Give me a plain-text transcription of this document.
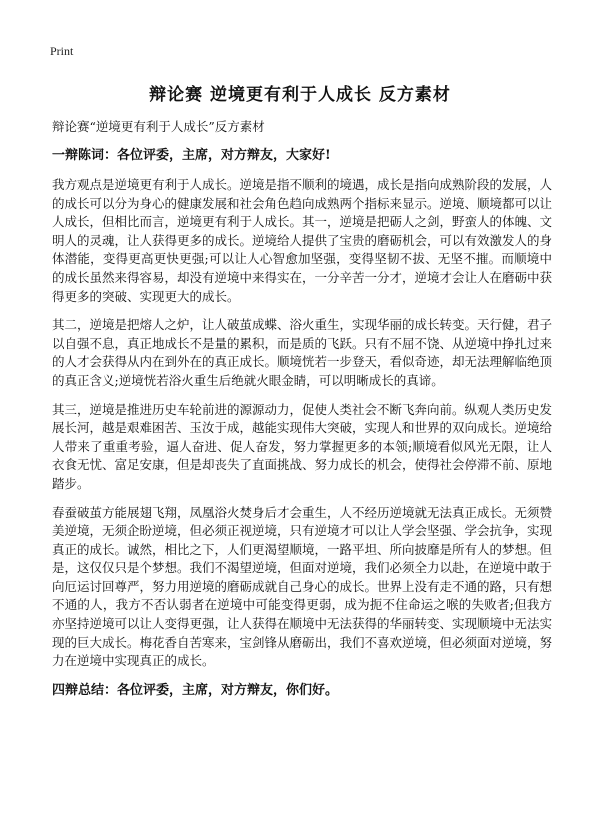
Print
辩论赛 逆境更有利于人成长 反方素材

辩论赛“逆境更有利于人成长”反方素材

一辩陈词：各位评委，主席，对方辩友，大家好!

我方观点是逆境更有利于人成长。逆境是指不顺利的境遇，成长是指向成熟阶段的发展，人的成长可以分为身心的健康发展和社会角色趋向成熟两个指标来显示。逆境、顺境都可以让人成长，但相比而言，逆境更有利于人成长。其一，逆境是把砺人之剑，野蛮人的体魄、文明人的灵魂，让人获得更多的成长。逆境给人提供了宝贵的磨砺机会，可以有效激发人的身体潜能，变得更高更快更强;可以让人心智愈加坚强，变得坚韧不拔、无坚不摧。而顺境中的成长虽然来得容易，却没有逆境中来得实在，一分辛苦一分才，逆境才会让人在磨砺中获得更多的突破、实现更大的成长。

其二，逆境是把熔人之炉，让人破茧成蝶、浴火重生，实现华丽的成长转变。天行健，君子以自强不息，真正地成长不是量的累积，而是质的飞跃。只有不屈不饶、从逆境中挣扎过来的人才会获得从内在到外在的真正成长。顺境恍若一步登天，看似奇迹，却无法理解临绝顶的真正含义;逆境恍若浴火重生后绝就火眼金睛，可以明晰成长的真谛。

其三，逆境是推进历史车轮前进的源源动力，促使人类社会不断飞奔向前。纵观人类历史发展长河，越是艰难困苦、玉汝于成，越能实现伟大突破，实现人和世界的双向成长。逆境给人带来了重重考验，逼人奋进、促人奋发，努力掌握更多的本领;顺境看似风光无限，让人衣食无忧、富足安康，但是却丧失了直面挑战、努力成长的机会，使得社会停滞不前、原地踏步。

春蚕破茧方能展翅飞翔，凤凰浴火焚身后才会重生，人不经历逆境就无法真正成长。无须赞美逆境，无须企盼逆境，但必须正视逆境，只有逆境才可以让人学会坚强、学会抗争，实现真正的成长。诚然，相比之下，人们更渴望顺境，一路平坦、所向披靡是所有人的梦想。但是，这仅仅只是个梦想。我们不渴望逆境，但面对逆境，我们必须全力以赴，在逆境中敢于向厄运讨回尊严，努力用逆境的磨砺成就自己身心的成长。世界上没有走不通的路，只有想不通的人，我方不否认弱者在逆境中可能变得更弱，成为扼不住命运之喉的失败者;但我方亦坚持逆境可以让人变得更强，让人获得在顺境中无法获得的华丽转变、实现顺境中无法实现的巨大成长。梅花香自苦寒来，宝剑锋从磨砺出，我们不喜欢逆境，但必须面对逆境，努力在逆境中实现真正的成长。

四辩总结：各位评委，主席，对方辩友，你们好。
